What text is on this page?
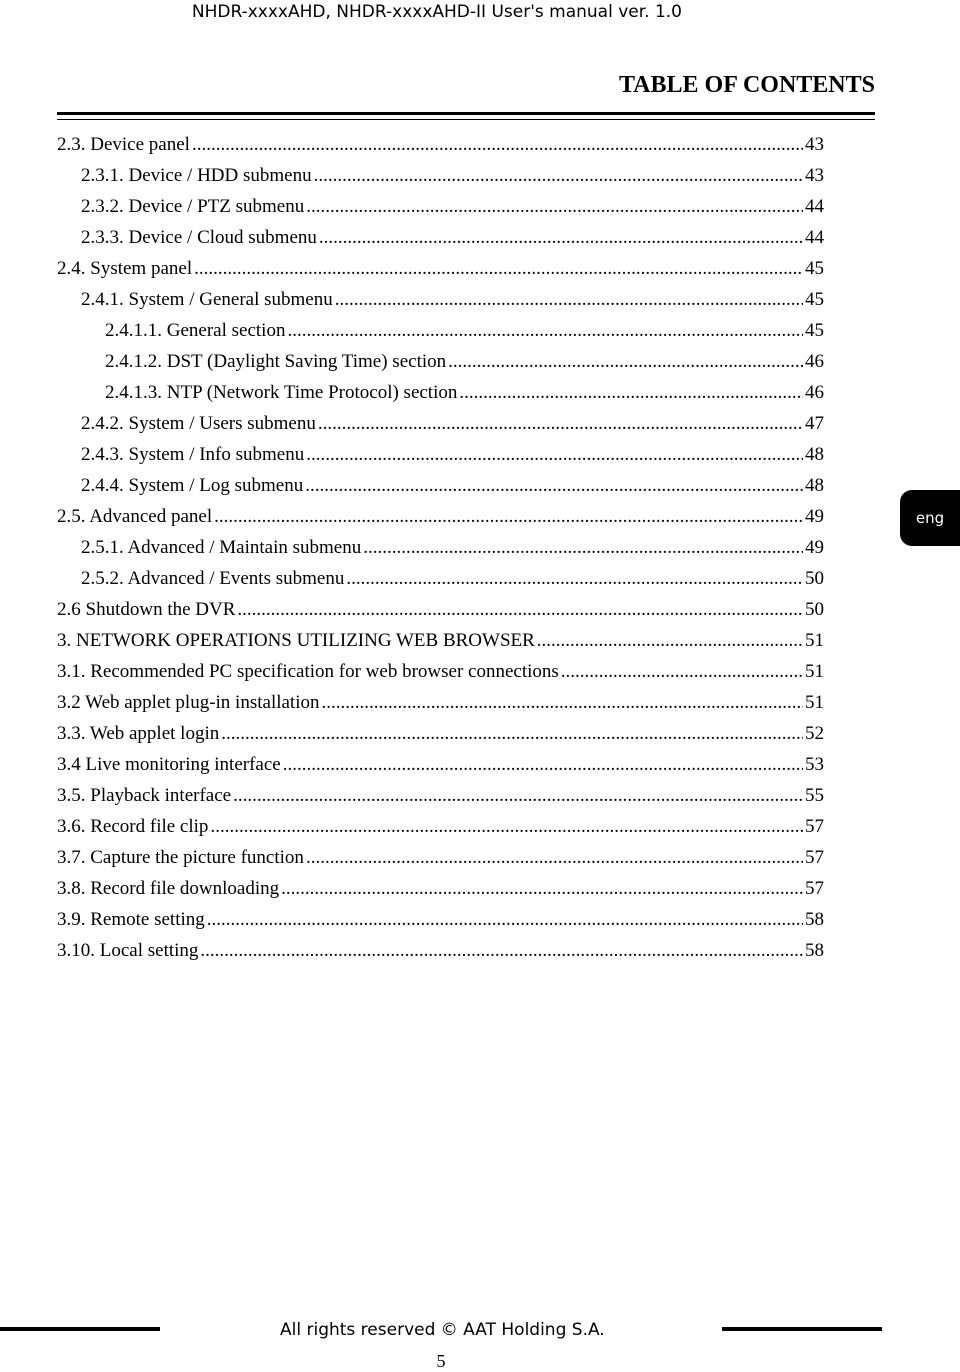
NHDR-xxxxAHD, NHDR-xxxxAHD-II User's manual ver. 1.0
TABLE OF CONTENTS
2.3. Device panel .....	43
2.3.1. Device / HDD submenu .....	43
2.3.2. Device / PTZ submenu .....	44
2.3.3. Device / Cloud submenu .....	44
2.4. System panel .....	45
2.4.1. System / General submenu .....	45
2.4.1.1. General section .....	45
2.4.1.2. DST (Daylight Saving Time) section .....	46
2.4.1.3. NTP (Network Time Protocol) section .....	46
2.4.2. System / Users submenu .....	47
2.4.3. System / Info submenu .....	48
2.4.4. System / Log submenu .....	48
2.5. Advanced panel .....	49
2.5.1. Advanced / Maintain submenu .....	49
2.5.2. Advanced / Events submenu .....	50
2.6 Shutdown the DVR .....	50
3. NETWORK OPERATIONS UTILIZING WEB BROWSER .....	51
3.1. Recommended PC specification for web browser connections .....	51
3.2 Web applet plug-in installation .....	51
3.3. Web applet login .....	52
3.4 Live monitoring interface .....	53
3.5. Playback interface .....	55
3.6. Record file clip .....	57
3.7. Capture the picture function .....	57
3.8. Record file downloading .....	57
3.9. Remote setting .....	58
3.10. Local setting .....	58
eng
All rights reserved © AAT Holding S.A.
5
